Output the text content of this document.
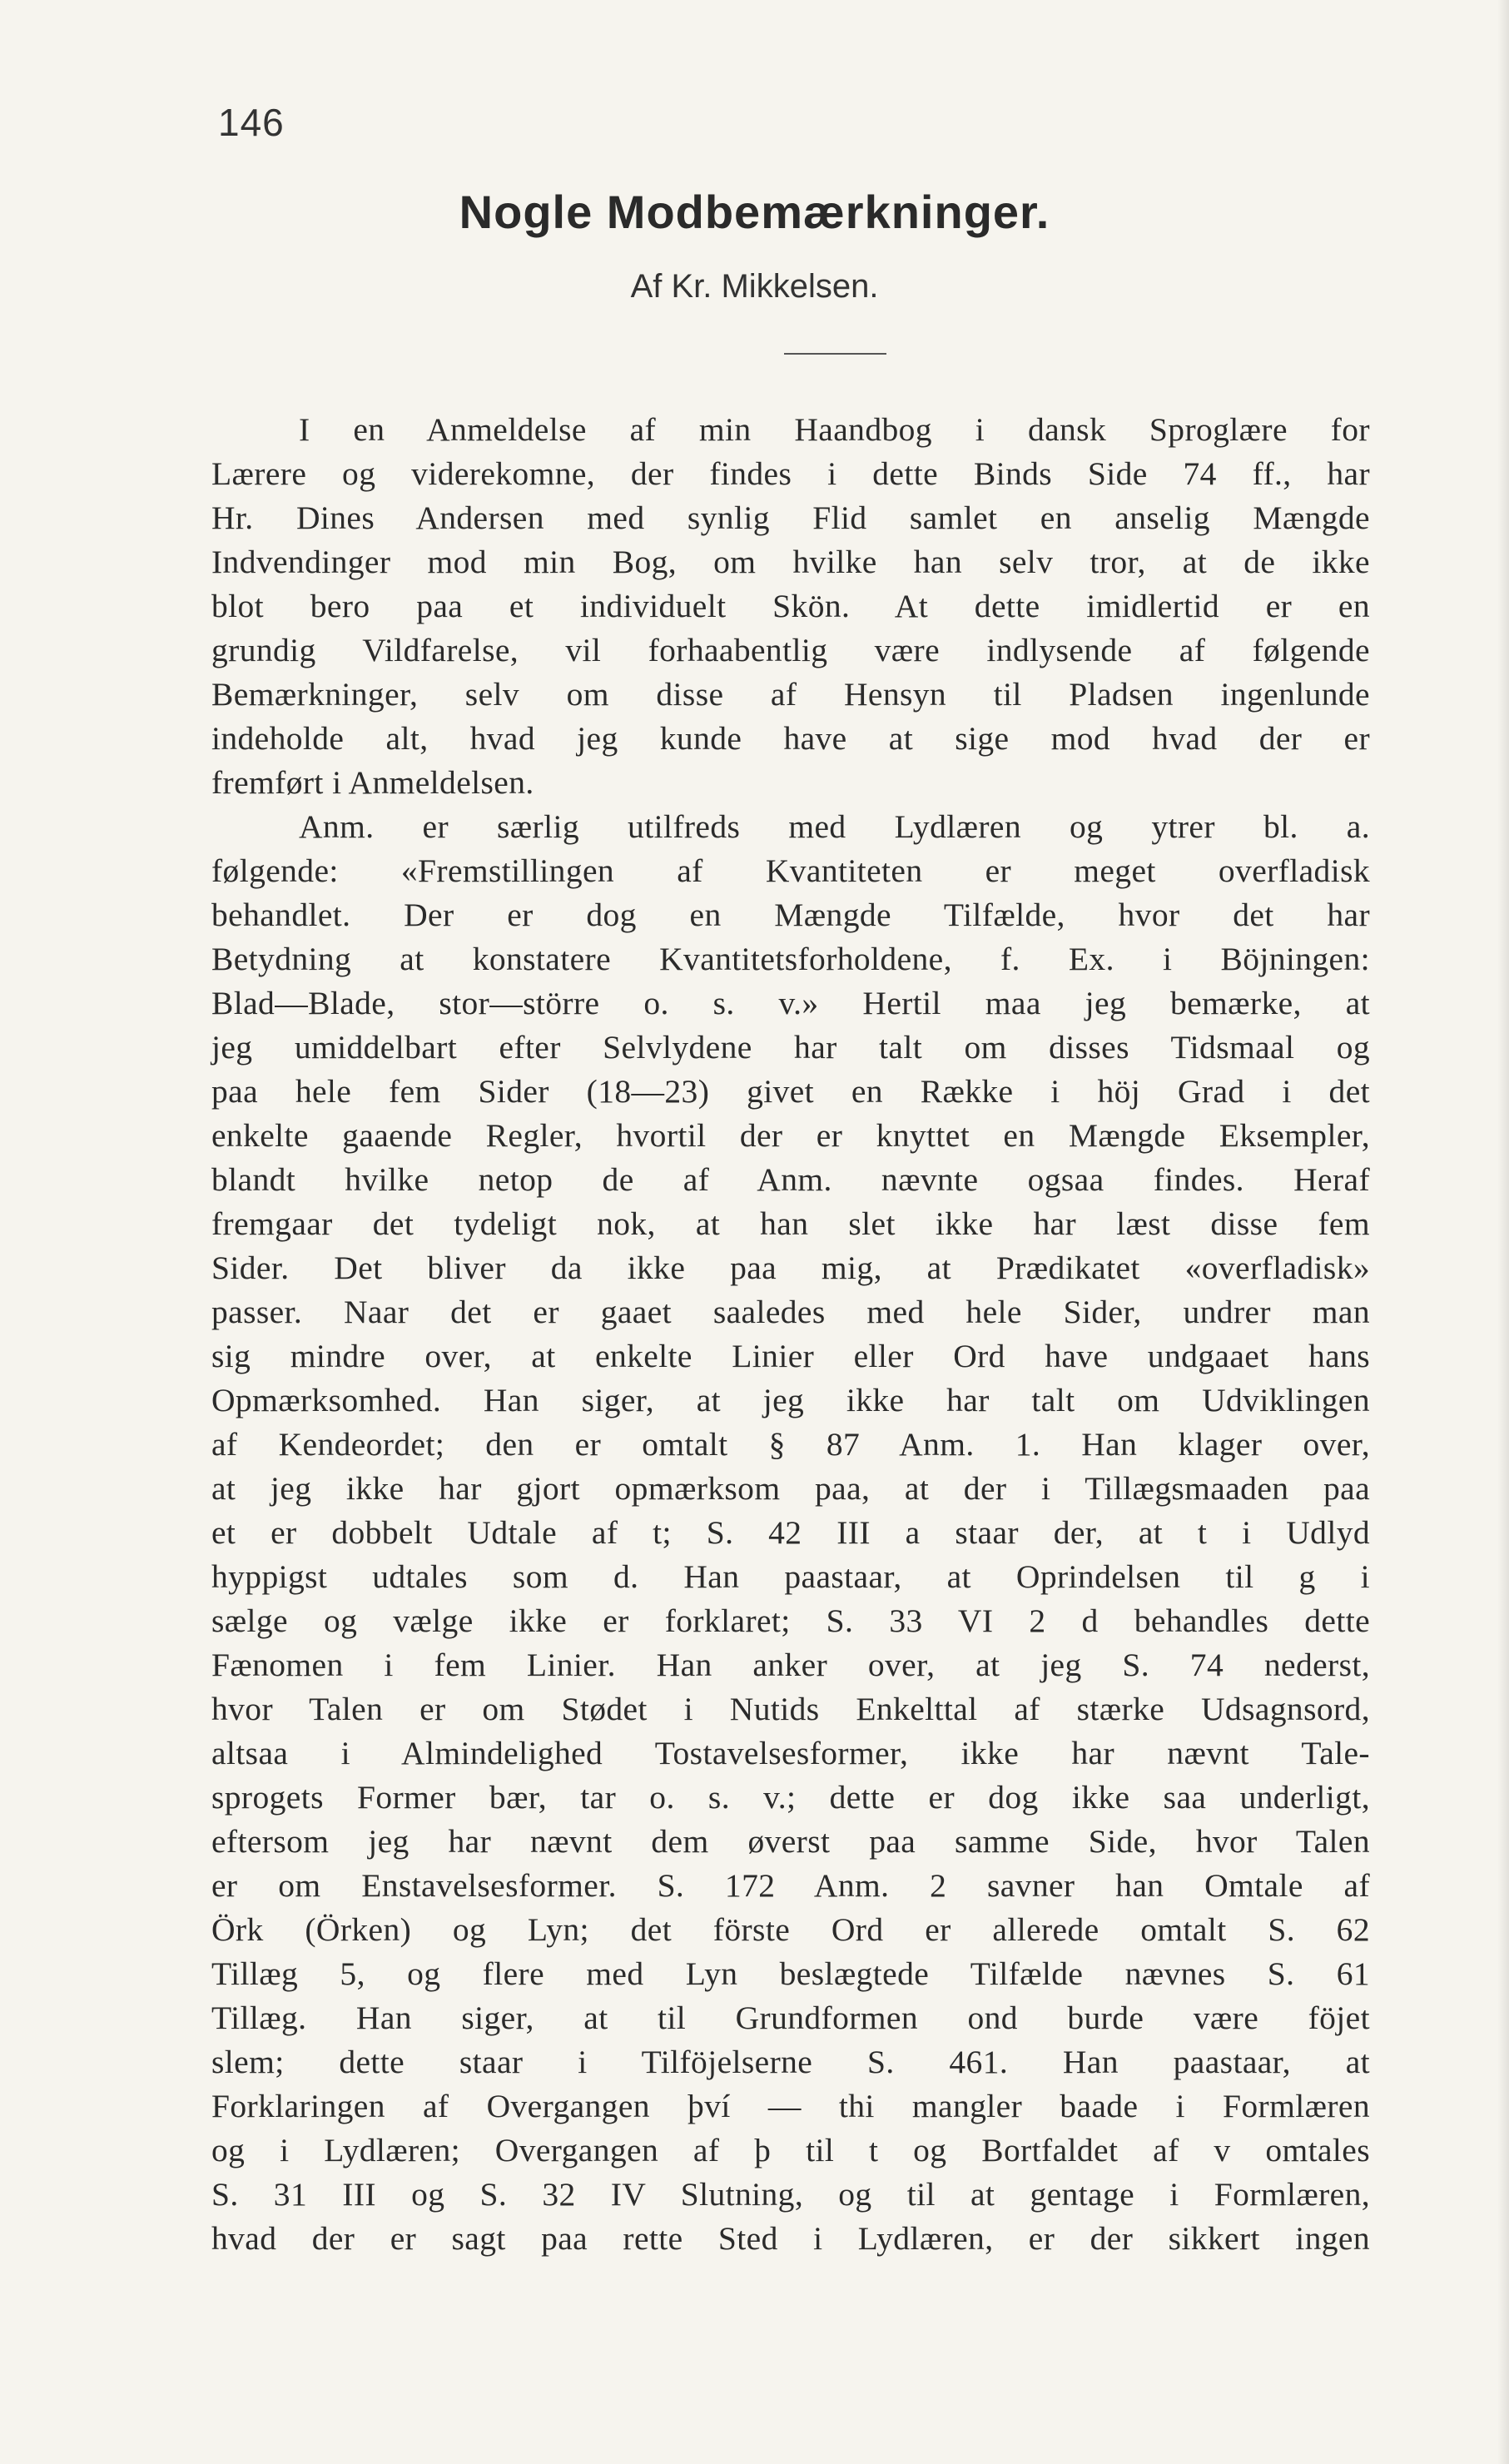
146
Nogle Modbemærkninger.
Af Kr. Mikkelsen.
I en Anmeldelse af min Haandbog i dansk Sproglære for
Lærere og viderekomne, der findes i dette Binds Side 74 ff., har
Hr. Dines Andersen med synlig Flid samlet en anselig Mængde
Indvendinger mod min Bog, om hvilke han selv tror, at de ikke
blot bero paa et individuelt Skön. At dette imidlertid er en
grundig Vildfarelse, vil forhaabentlig være indlysende af følgende
Bemærkninger, selv om disse af Hensyn til Pladsen ingenlunde
indeholde alt, hvad jeg kunde have at sige mod hvad der er
fremført i Anmeldelsen.
Anm. er særlig utilfreds med Lydlæren og ytrer bl. a.
følgende: «Fremstillingen af Kvantiteten er meget overfladisk
behandlet. Der er dog en Mængde Tilfælde, hvor det har
Betydning at konstatere Kvantitetsforholdene, f. Ex. i Böjningen:
Blad—Blade, stor—större o. s. v.» Hertil maa jeg bemærke, at
jeg umiddelbart efter Selvlydene har talt om disses Tidsmaal og
paa hele fem Sider (18—23) givet en Række i höj Grad i det
enkelte gaaende Regler, hvortil der er knyttet en Mængde Eksempler,
blandt hvilke netop de af Anm. nævnte ogsaa findes. Heraf
fremgaar det tydeligt nok, at han slet ikke har læst disse fem
Sider. Det bliver da ikke paa mig, at Prædikatet «overfladisk»
passer. Naar det er gaaet saaledes med hele Sider, undrer man
sig mindre over, at enkelte Linier eller Ord have undgaaet hans
Opmærksomhed. Han siger, at jeg ikke har talt om Udviklingen
af Kendeordet; den er omtalt § 87 Anm. 1. Han klager over,
at jeg ikke har gjort opmærksom paa, at der i Tillægsmaaden paa
et er dobbelt Udtale af t; S. 42 III a staar der, at t i Udlyd
hyppigst udtales som d. Han paastaar, at Oprindelsen til g i
sælge og vælge ikke er forklaret; S. 33 VI 2 d behandles dette
Fænomen i fem Linier. Han anker over, at jeg S. 74 nederst,
hvor Talen er om Stødet i Nutids Enkelttal af stærke Udsagnsord,
altsaa i Almindelighed Tostavelsesformer, ikke har nævnt Tale-
sprogets Former bær, tar o. s. v.; dette er dog ikke saa underligt,
eftersom jeg har nævnt dem øverst paa samme Side, hvor Talen
er om Enstavelsesformer. S. 172 Anm. 2 savner han Omtale af
Örk (Örken) og Lyn; det förste Ord er allerede omtalt S. 62
Tillæg 5, og flere med Lyn beslægtede Tilfælde nævnes S. 61
Tillæg. Han siger, at til Grundformen ond burde være föjet
slem; dette staar i Tilföjelserne S. 461. Han paastaar, at
Forklaringen af Overgangen því — thi mangler baade i Formlæren
og i Lydlæren; Overgangen af þ til t og Bortfaldet af v omtales
S. 31 III og S. 32 IV Slutning, og til at gentage i Formlæren,
hvad der er sagt paa rette Sted i Lydlæren, er der sikkert ingen
